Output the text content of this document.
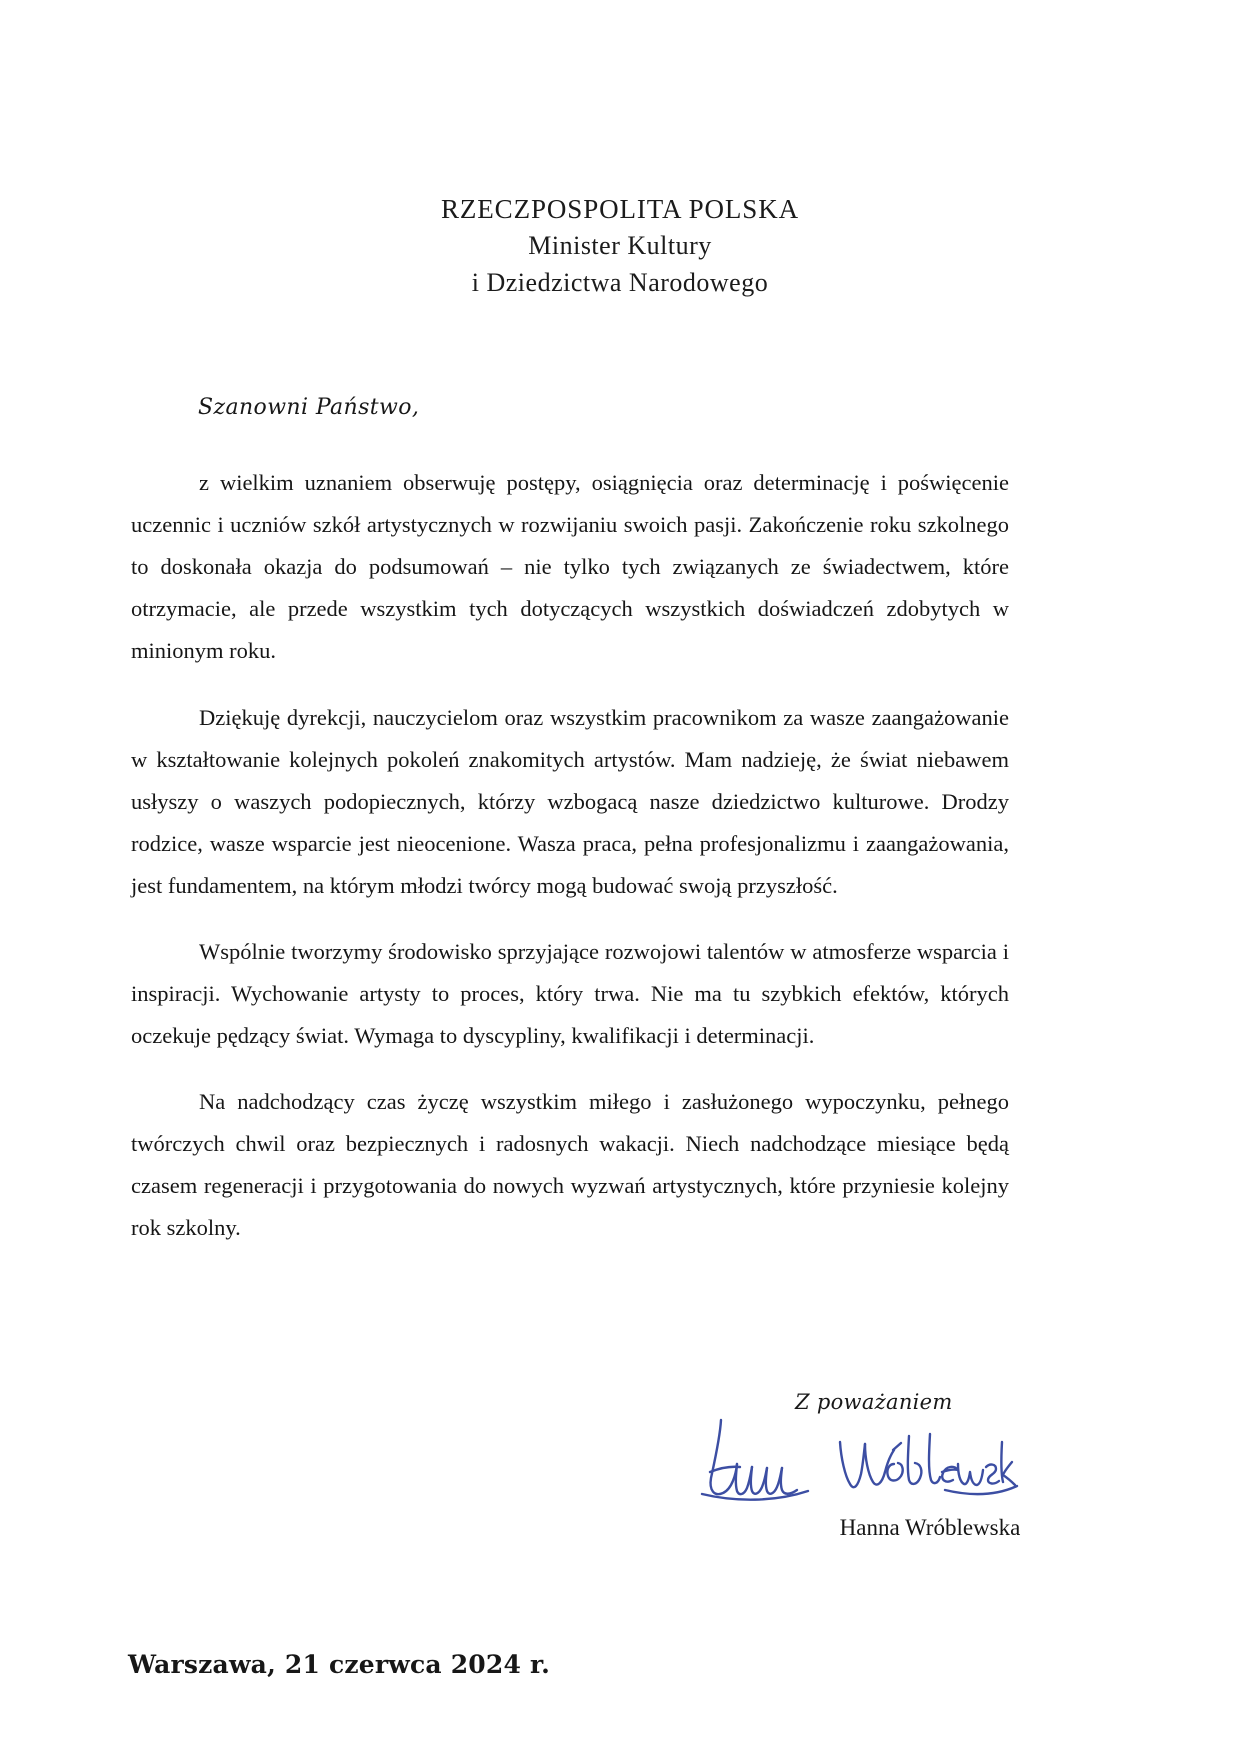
RZECZPOSPOLITA POLSKA
Minister Kultury
i Dziedzictwa Narodowego
Szanowni Państwo,

z wielkim uznaniem obserwuję postępy, osiągnięcia oraz determinację i poświęcenie uczennic i uczniów szkół artystycznych w rozwijaniu swoich pasji. Zakończenie roku szkolnego to doskonała okazja do podsumowań – nie tylko tych związanych ze świadectwem, które otrzymacie, ale przede wszystkim tych dotyczących wszystkich doświadczeń zdobytych w minionym roku.

Dziękuję dyrekcji, nauczycielom oraz wszystkim pracownikom za wasze zaangażowanie w kształtowanie kolejnych pokoleń znakomitych artystów. Mam nadzieję, że świat niebawem usłyszy o waszych podopiecznych, którzy wzbogacą nasze dziedzictwo kulturowe. Drodzy rodzice, wasze wsparcie jest nieocenione. Wasza praca, pełna profesjonalizmu i zaangażowania, jest fundamentem, na którym młodzi twórcy mogą budować swoją przyszłość.

Wspólnie tworzymy środowisko sprzyjające rozwojowi talentów w atmosferze wsparcia i inspiracji. Wychowanie artysty to proces, który trwa. Nie ma tu szybkich efektów, których oczekuje pędzący świat. Wymaga to dyscypliny, kwalifikacji i determinacji.

Na nadchodzący czas życzę wszystkim miłego i zasłużonego wypoczynku, pełnego twórczych chwil oraz bezpiecznych i radosnych wakacji. Niech nadchodzące miesiące będą czasem regeneracji i przygotowania do nowych wyzwań artystycznych, które przyniesie kolejny rok szkolny.

Z poważaniem
Hanna Wróblewska
Warszawa, 21 czerwca 2024 r.
